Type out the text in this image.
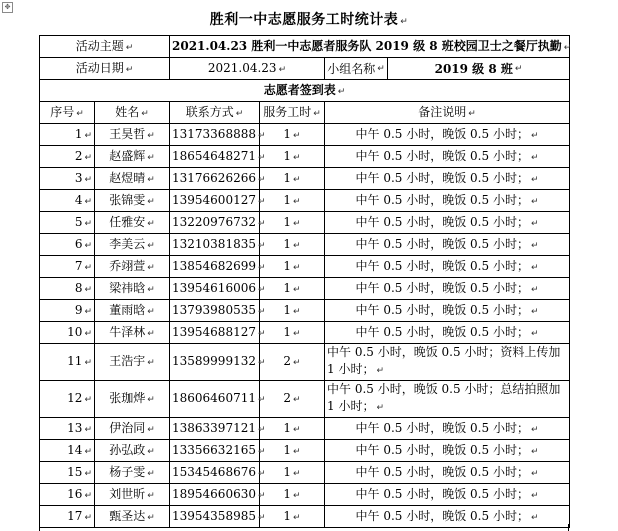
✥
胜利一中志愿服务工时统计表 ↵
活动主题 ↵		2021.04.23 胜利一中志愿者服务队 2019 级 8 班校园卫士之餐厅执勤 ↵		
活动日期 ↵		2021.04.23 ↵		小组名称 ↵ 2019 级 8 班 ↵

志愿者签到表 ↵				
序号 ↵	姓名 ↵	联系方式 ↵	服务工时 ↵	备注说明 ↵
1 ↵	王昊哲 ↵	13173368888 ↵	1 ↵	中午 0.5 小时，晚饭 0.5 小时； ↵
2 ↵	赵盛辉 ↵	18654648271 ↵	1 ↵	中午 0.5 小时，晚饭 0.5 小时； ↵
3 ↵	赵煜晴 ↵	13176626266 ↵	1 ↵	中午 0.5 小时，晚饭 0.5 小时； ↵
4 ↵	张锦雯 ↵	13954600127 ↵	1 ↵	中午 0.5 小时，晚饭 0.5 小时； ↵
5 ↵	任雅安 ↵	13220976732 ↵	1 ↵	中午 0.5 小时，晚饭 0.5 小时； ↵
6 ↵	李美云 ↵	13210381835 ↵	1 ↵	中午 0.5 小时，晚饭 0.5 小时； ↵
7 ↵	乔翊萱 ↵	13854682699 ↵	1 ↵	中午 0.5 小时，晚饭 0.5 小时； ↵
8 ↵	梁祎晗 ↵	13954616006 ↵	1 ↵	中午 0.5 小时，晚饭 0.5 小时； ↵
9 ↵	董雨晗 ↵	13793980535 ↵	1 ↵	中午 0.5 小时，晚饭 0.5 小时； ↵
10 ↵	牛泽林 ↵	13954688127 ↵	1 ↵	中午 0.5 小时，晚饭 0.5 小时； ↵
11 ↵	王浩宇 ↵	13589999132 ↵	2 ↵	中午 0.5 小时，晚饭 0.5 小时；资料上传加 1 小时； ↵
12 ↵	张珈烨 ↵	18606460711 ↵	2 ↵	中午 0.5 小时，晚饭 0.5 小时；总结拍照加 1 小时； ↵
13 ↵	伊治同 ↵	13863397121 ↵	1 ↵	中午 0.5 小时，晚饭 0.5 小时； ↵
14 ↵	孙弘政 ↵	13356632165 ↵	1 ↵	中午 0.5 小时，晚饭 0.5 小时； ↵
15 ↵	杨子雯 ↵	15345468676 ↵	1 ↵	中午 0.5 小时，晚饭 0.5 小时； ↵
16 ↵	刘世昕 ↵	18954660630 ↵	1 ↵	中午 0.5 小时，晚饭 0.5 小时； ↵
17 ↵	甄圣达 ↵	13954358985 ↵	1 ↵	中午 0.5 小时，晚饭 0.5 小时； ↵
